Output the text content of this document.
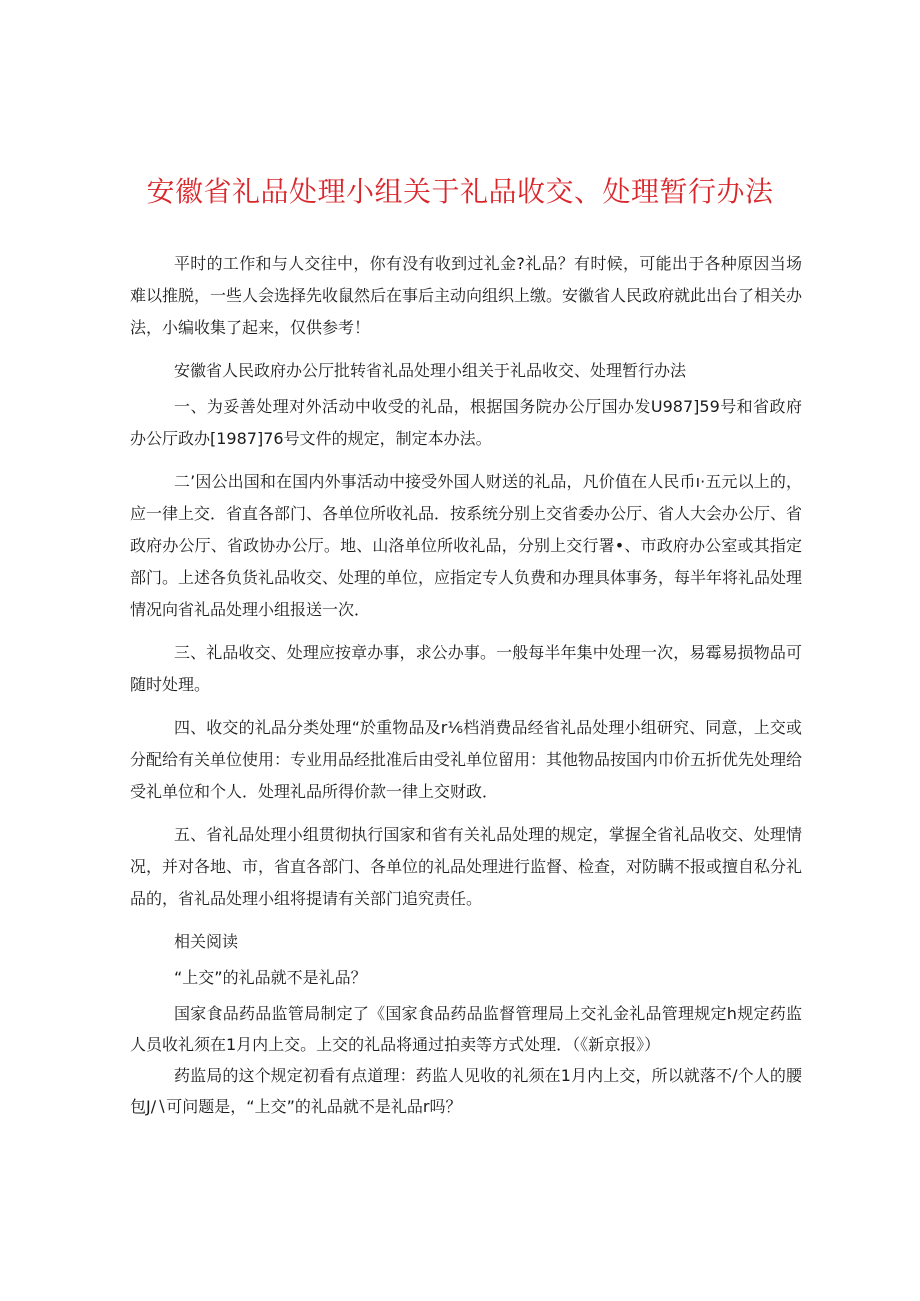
安徽省礼品处理小组关于礼品收交、处理暂行办法

平时的工作和与人交往中，你有没有收到过礼金?礼品？有时候，可能出于各种原因当场难以推脱，一些人会选择先收鼠然后在事后主动向组织上缴。安徽省人民政府就此出台了相关办法，小编收集了起来，仅供参考！

安徽省人民政府办公厅批转省礼品处理小组关于礼品收交、处理暂行办法

一、为妥善处理对外活动中收受的礼品，根据国务院办公厅国办发U987]59号和省政府办公厅政办[1987]76号文件的规定，制定本办法。

二’因公出国和在国内外事活动中接受外国人财送的礼品，凡价值在人民币ı·五元以上的，应一律上交．省直各部门、各单位所收礼品．按系统分别上交省委办公厅、省人大会办公厅、省政府办公厅、省政协办公厅。地、山洛单位所收礼品，分别上交行署•、市政府办公室或其指定部门。上述各负货礼品收交、处理的单位，应指定专人负费和办理具体事务，每半年将礼品处理情况向省礼品处理小组报送一次．

三、礼品收交、处理应按章办事，求公办事。一般每半年集中处理一次，易霉易损物品可随时处理。

四、收交的礼品分类处理“於重物品及r⅙档消费品经省礼品处理小组研究、同意，上交或分配给有关单位使用：专业用品经批准后由受礼单位留用：其他物品按国内巾价五折优先处理给受礼单位和个人．处理礼品所得价款一律上交财政．

五、省礼品处理小组贯彻执行国家和省有关礼品处理的规定，掌握全省礼品收交、处理情况，并对各地、市，省直各部门、各单位的礼品处理进行监督、检查，对防瞒不报或擅自私分礼品的，省礼品处理小组将提请有关部门追究责任。

相关阅读

“上交”的礼品就不是礼品？

国家食品药品监管局制定了《国家食品药品监督管理局上交礼金礼品管理规定h规定药监人员收礼须在1月内上交。上交的礼品将通过拍卖等方式处理．（《新京报》）

药监局的这个规定初看有点道理：药监人见收的礼须在1月内上交，所以就落不/个人的腰包J∕∖可问题是，“上交”的礼品就不是礼品r吗？
